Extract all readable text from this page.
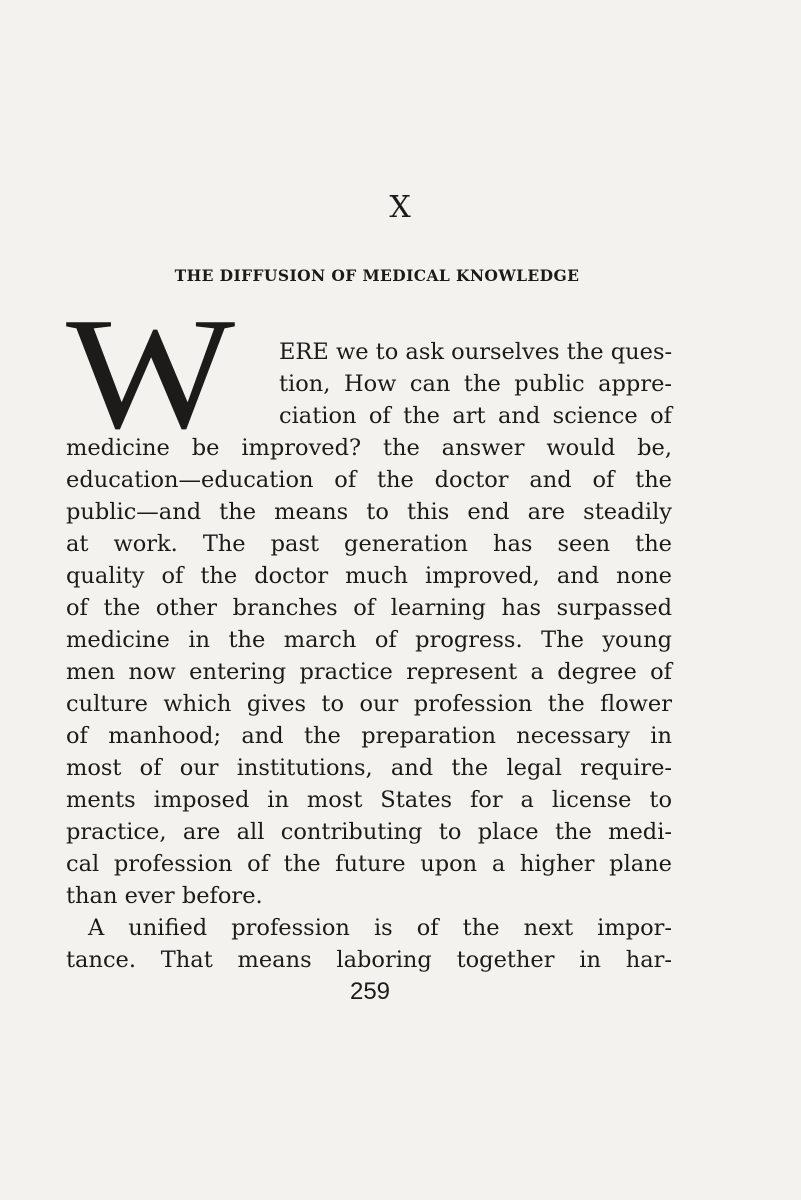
X
THE DIFFUSION OF MEDICAL KNOWLEDGE
W ERE we to ask ourselves the ques-
tion, How can the public appre-
ciation of the art and science of
medicine be improved? the answer would be,
education—education of the doctor and of the
public—and the means to this end are steadily
at work. The past generation has seen the
quality of the doctor much improved, and none
of the other branches of learning has surpassed
medicine in the march of progress. The young
men now entering practice represent a degree of
culture which gives to our profession the flower
of manhood; and the preparation necessary in
most of our institutions, and the legal require-
ments imposed in most States for a license to
practice, are all contributing to place the medi-
cal profession of the future upon a higher plane
than ever before.
A unified profession is of the next impor-
tance. That means laboring together in har-
259
